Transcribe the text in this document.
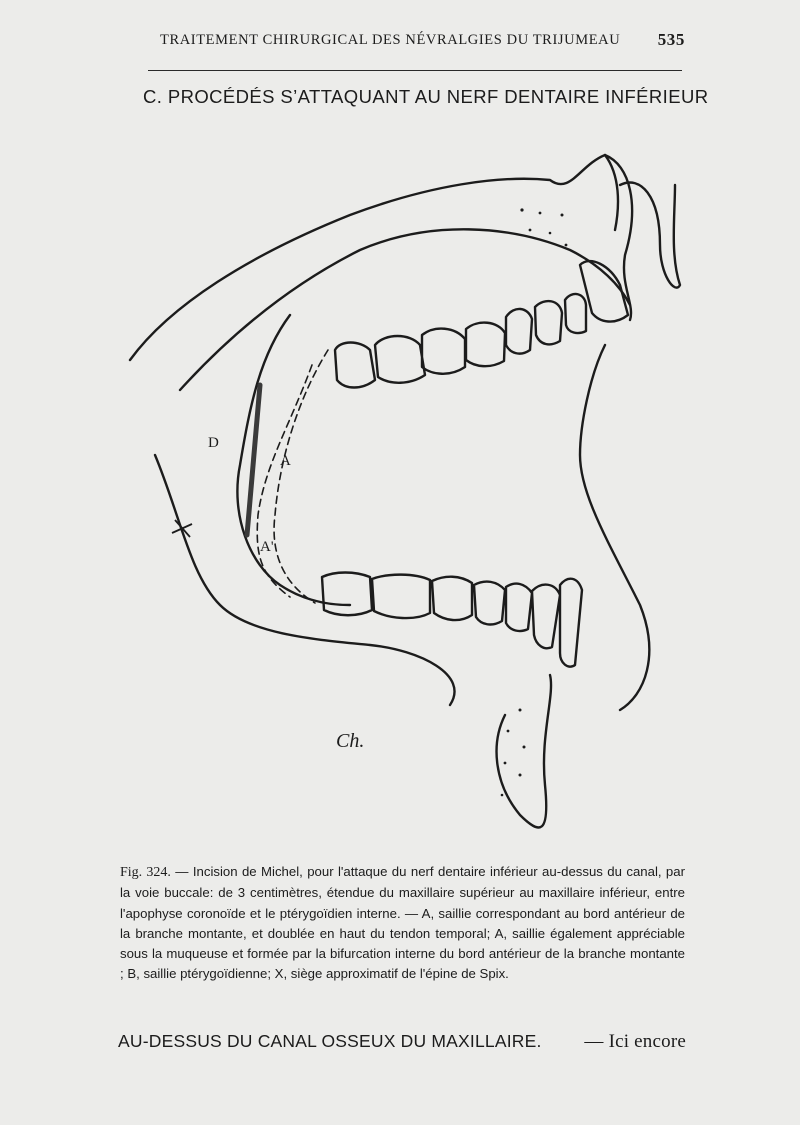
TRAITEMENT CHIRURGICAL DES NÉVRALGIES DU TRIJUMEAU 535
C. PROCÉDÉS S’ATTAQUANT AU NERF DENTAIRE INFÉRIEUR
D
A
A'
Ch.
Fig. 324. — Incision de Michel, pour l'attaque du nerf dentaire inférieur au-dessus du canal, par la voie buccale: de 3 centimètres, étendue du maxillaire supérieur au maxillaire inférieur, entre l'apophyse coronoïde et le ptérygoïdien interne. — A, saillie correspondant au bord antérieur de la branche montante, et doublée en haut du tendon temporal; A, saillie également appréciable sous la muqueuse et formée par la bifurcation interne du bord antérieur de la branche montante ; B, saillie ptérygoïdienne; X, siège approximatif de l'épine de Spix.
AU-DESSUS DU CANAL OSSEUX DU MAXILLAIRE. — Ici encore
